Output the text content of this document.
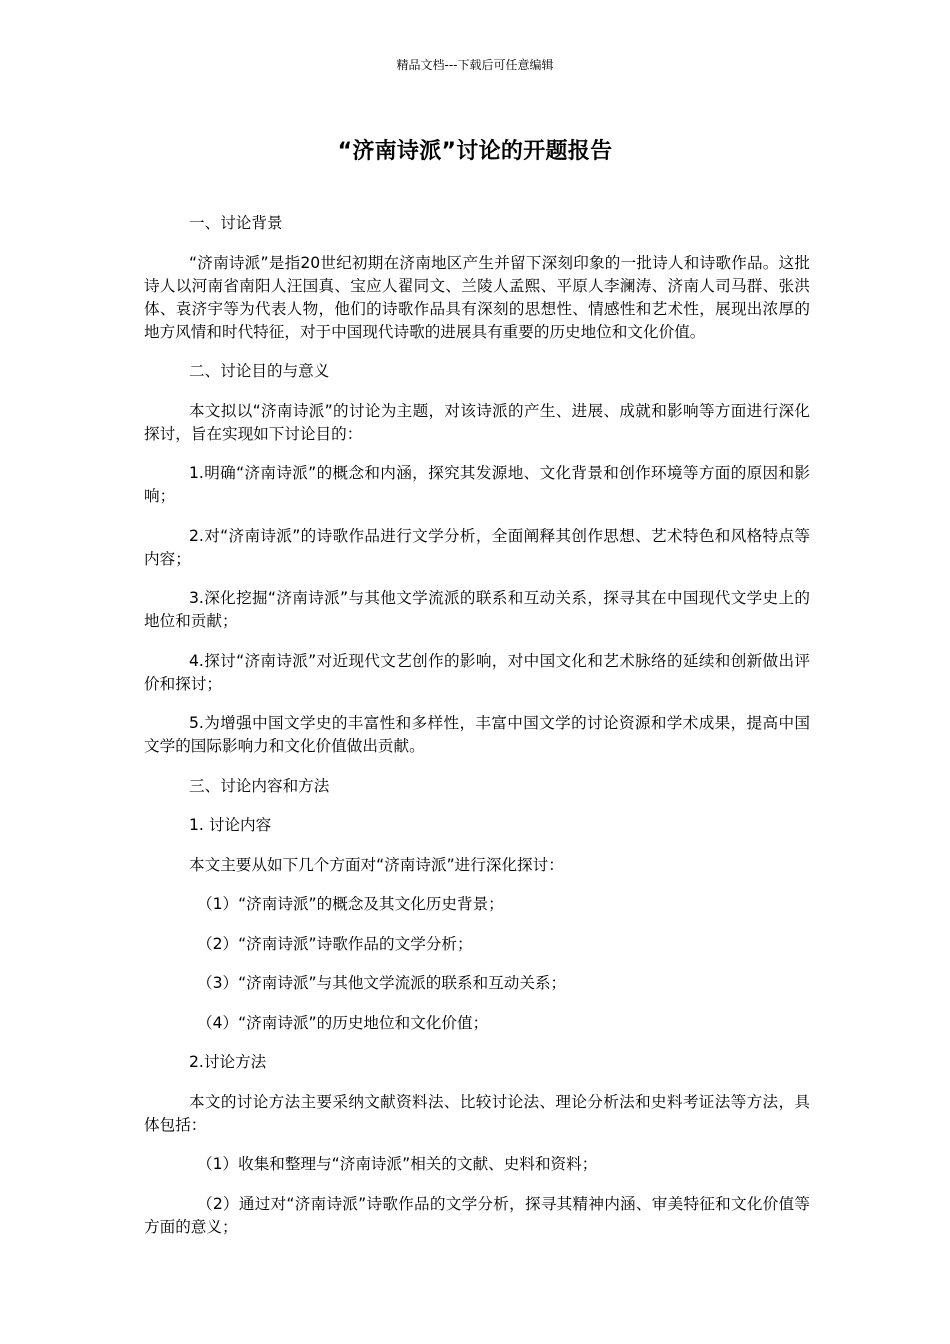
精品文档---下载后可任意编辑
“济南诗派”讨论的开题报告

一、讨论背景

“济南诗派”是指20世纪初期在济南地区产生并留下深刻印象的一批诗人和诗歌作品。这批诗人以河南省南阳人汪国真、宝应人翟同文、兰陵人孟熙、平原人李澜涛、济南人司马群、张洪体、袁济宇等为代表人物，他们的诗歌作品具有深刻的思想性、情感性和艺术性，展现出浓厚的地方风情和时代特征，对于中国现代诗歌的进展具有重要的历史地位和文化价值。

二、讨论目的与意义

本文拟以“济南诗派”的讨论为主题，对该诗派的产生、进展、成就和影响等方面进行深化探讨，旨在实现如下讨论目的：

1.明确“济南诗派”的概念和内涵，探究其发源地、文化背景和创作环境等方面的原因和影响；

2.对“济南诗派”的诗歌作品进行文学分析，全面阐释其创作思想、艺术特色和风格特点等内容；

3.深化挖掘“济南诗派”与其他文学流派的联系和互动关系，探寻其在中国现代文学史上的地位和贡献；

4.探讨“济南诗派”对近现代文艺创作的影响，对中国文化和艺术脉络的延续和创新做出评价和探讨；

5.为增强中国文学史的丰富性和多样性，丰富中国文学的讨论资源和学术成果，提高中国文学的国际影响力和文化价值做出贡献。

三、讨论内容和方法

1. 讨论内容

本文主要从如下几个方面对“济南诗派”进行深化探讨：

（1）“济南诗派”的概念及其文化历史背景；

（2）“济南诗派”诗歌作品的文学分析；

（3）“济南诗派”与其他文学流派的联系和互动关系；

（4）“济南诗派”的历史地位和文化价值；

2.讨论方法

本文的讨论方法主要采纳文献资料法、比较讨论法、理论分析法和史料考证法等方法，具体包括：

（1）收集和整理与“济南诗派”相关的文献、史料和资料；

（2）通过对“济南诗派”诗歌作品的文学分析，探寻其精神内涵、审美特征和文化价值等方面的意义；
